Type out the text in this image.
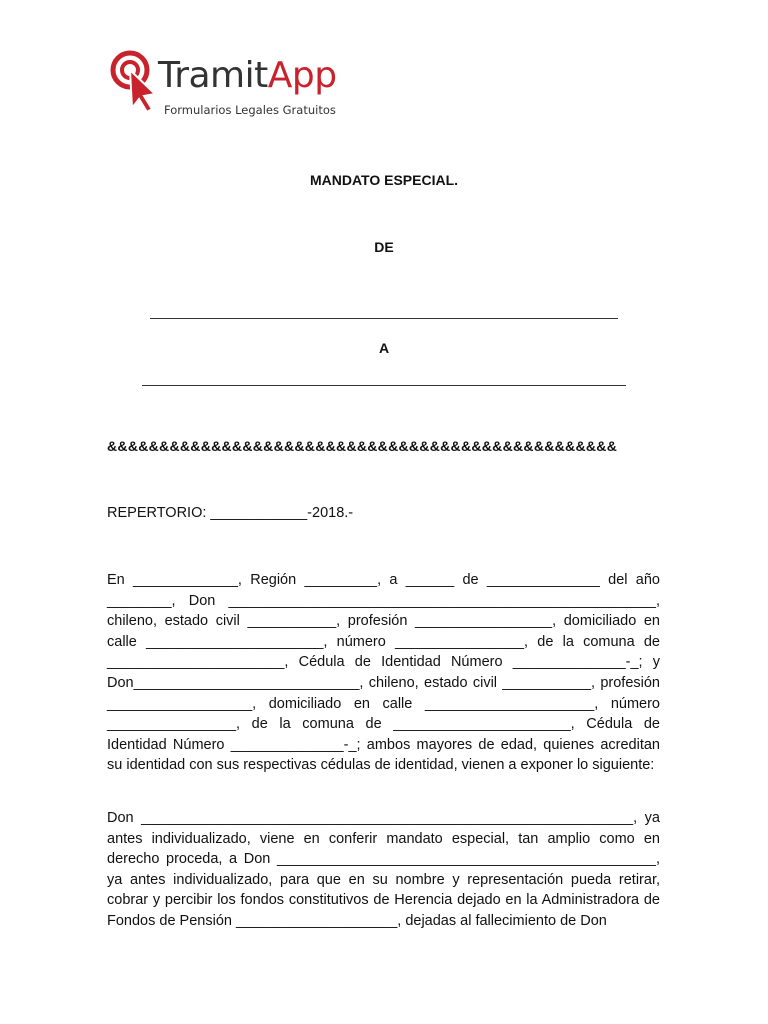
TramitApp
Formularios Legales Gratuitos
MANDATO ESPECIAL.
DE
A
&&&&&&&&&&&&&&&&&&&&&&&&&&&&&&&&&&&&&&&&&&&&&&&&&
REPERTORIO: ____________-2018.-

En _____________, Región _________, a ______ de ______________ del año ________, Don _____________________________________________________, chileno, estado civil ___________, profesión _________________, domiciliado en calle ______________________, número ________________, de la comuna de ______________________, Cédula de Identidad Número ______________-_; y Don____________________________, chileno, estado civil ___________, profesión __________________, domiciliado en calle _____________________, número ________________, de la comuna de ______________________, Cédula de Identidad Número ______________-_; ambos mayores de edad, quienes acreditan su identidad con sus respectivas cédulas de identidad, vienen a exponer lo siguiente:

Don _____________________________________________________________, ya antes individualizado, viene en conferir mandato especial, tan amplio como en derecho proceda, a Don _______________________________________________, ya antes individualizado, para que en su nombre y representación pueda retirar, cobrar y percibir los fondos constitutivos de Herencia dejado en la Administradora de Fondos de Pensión ____________________, dejadas al fallecimiento de Don
